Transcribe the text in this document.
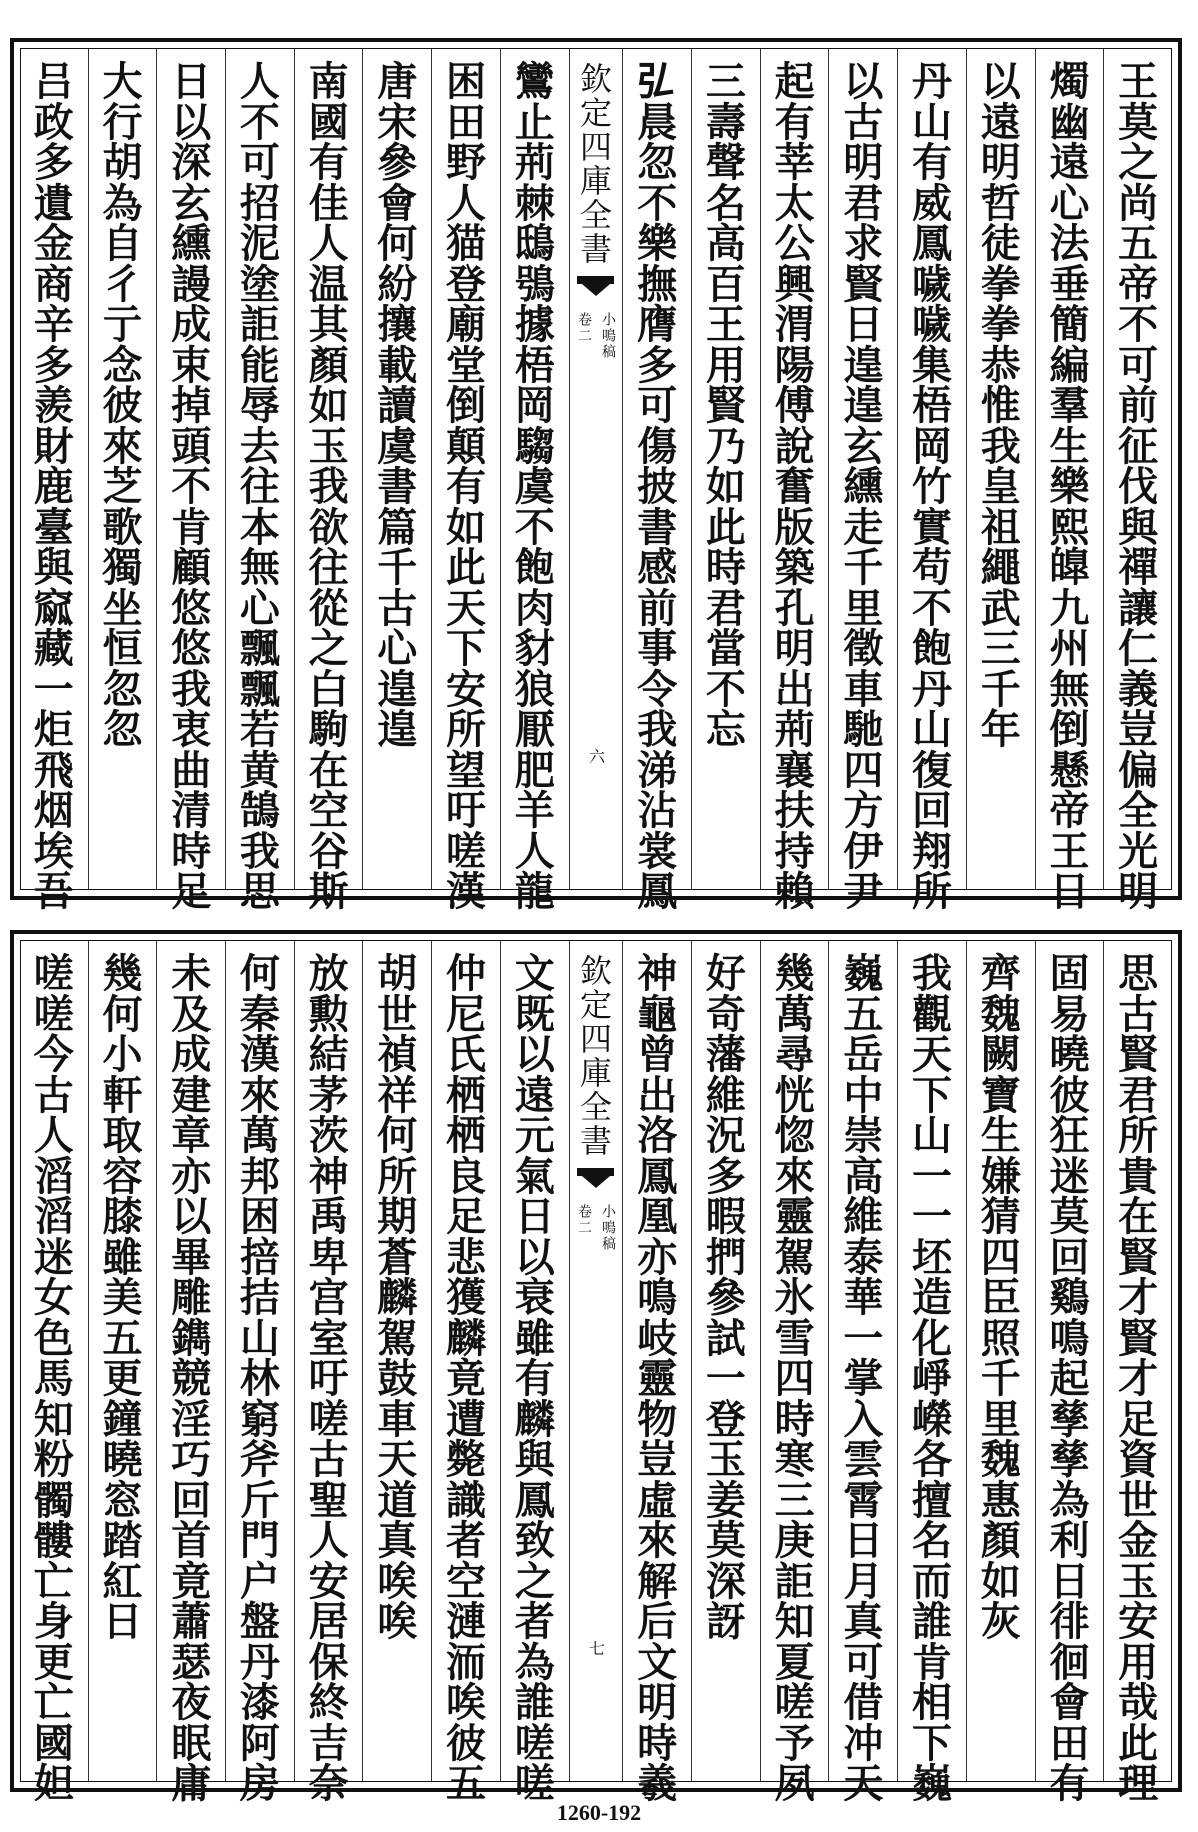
王
莫
之
尚
五
帝
不
可
前
征
伐
與
禪
讓
仁
義
豈
偏
全
光
明
燭
幽
遠
心
法
垂
簡
編
羣
生
樂
熙
皥
九
州
無
倒
懸
帝
王
日
以
遠
明
哲
徒
拳
拳
恭
惟
我
皇
祖
繩
武
三
千
年
丹
山
有
威
鳳
噦
噦
集
梧
岡
竹
實
苟
不
飽
丹
山
復
回
翔
所
以
古
明
君
求
賢
日
遑
遑
玄
纁
走
千
里
徵
車
馳
四
方
伊
尹
起
有
莘
太
公
興
渭
陽
傅
說
奮
版
築
孔
明
出
荊
襄
扶
持
賴
三
壽
聲
名
高
百
王
用
賢
乃
如
此
時
君
當
不
忘
𢎞
晨
忽
不
樂
撫
膺
多
可
傷
披
書
感
前
事
令
我
涕
沾
裳
鳳
欽
定
四
庫
全
書
小鳴稿
卷二
六
鸞
止
荊
棘
鴟
鴞
據
梧
岡
騶
虞
不
飽
肉
豺
狼
厭
肥
羊
人
龍
困
田
野
人
猫
登
廟
堂
倒
顛
有
如
此
天
下
安
所
望
吁
嗟
漢
唐
宋
參
會
何
紛
攘
載
讀
虞
書
篇
千
古
心
遑
遑
南
國
有
佳
人
温
其
顏
如
玉
我
欲
往
從
之
白
駒
在
空
谷
斯
人
不
可
招
泥
塗
詎
能
辱
去
往
本
無
心
飄
飄
若
黄
鵠
我
思
日
以
深
玄
纁
謾
成
束
掉
頭
不
肯
顧
悠
悠
我
衷
曲
清
時
足
大
行
胡
為
自
彳
亍
念
彼
來
芝
歌
獨
坐
恒
忽
忽
吕
政
多
遺
金
商
辛
多
羨
財
鹿
臺
與
窳
藏
一
炬
飛
烟
埃
吾
思
古
賢
君
所
貴
在
賢
才
賢
才
足
資
世
金
玉
安
用
哉
此
理
固
易
曉
彼
狂
迷
莫
回
鷄
鳴
起
孳
孳
為
利
日
徘
徊
會
田
有
齊
魏
闕
寶
生
嫌
猜
四
臣
照
千
里
魏
惠
顏
如
灰
我
觀
天
下
山
一
一
坯
造
化
崢
嶸
各
擅
名
而
誰
肯
相
下
巍
巍
五
岳
中
崇
高
維
泰
華
一
掌
入
雲
霄
日
月
真
可
借
冲
天
幾
萬
尋
恍
惚
來
靈
駕
氷
雪
四
時
寒
三
庚
詎
知
夏
嗟
予
夙
好
奇
藩
維
況
多
暇
捫
參
試
一
登
玉
姜
莫
深
訝
神
龜
曾
出
洛
鳳
凰
亦
鳴
岐
靈
物
豈
虛
來
解
后
文
明
時
羲
欽
定
四
庫
全
書
小鳴稿
卷二
七
文
既
以
遠
元
氣
日
以
衰
雖
有
麟
與
鳳
致
之
者
為
誰
嗟
嗟
仲
尼
氏
栖
栖
良
足
悲
獲
麟
竟
遭
斃
識
者
空
漣
洏
唉
彼
五
胡
世
禎
祥
何
所
期
蒼
麟
駕
鼓
車
天
道
真
唉
唉
放
勲
結
茅
茨
神
禹
卑
宫
室
吁
嗟
古
聖
人
安
居
保
終
吉
奈
何
秦
漢
來
萬
邦
困
掊
拮
山
林
窮
斧
斤
門
户
盤
丹
漆
阿
房
未
及
成
建
章
亦
以
畢
雕
鐫
競
淫
巧
回
首
竟
蕭
瑟
夜
眠
庸
幾
何
小
軒
取
容
膝
雖
美
五
更
鐘
曉
窓
踏
紅
日
嗟
嗟
今
古
人
滔
滔
迷
女
色
馬
知
粉
髑
髏
亡
身
更
亡
國
妲
1260-192
